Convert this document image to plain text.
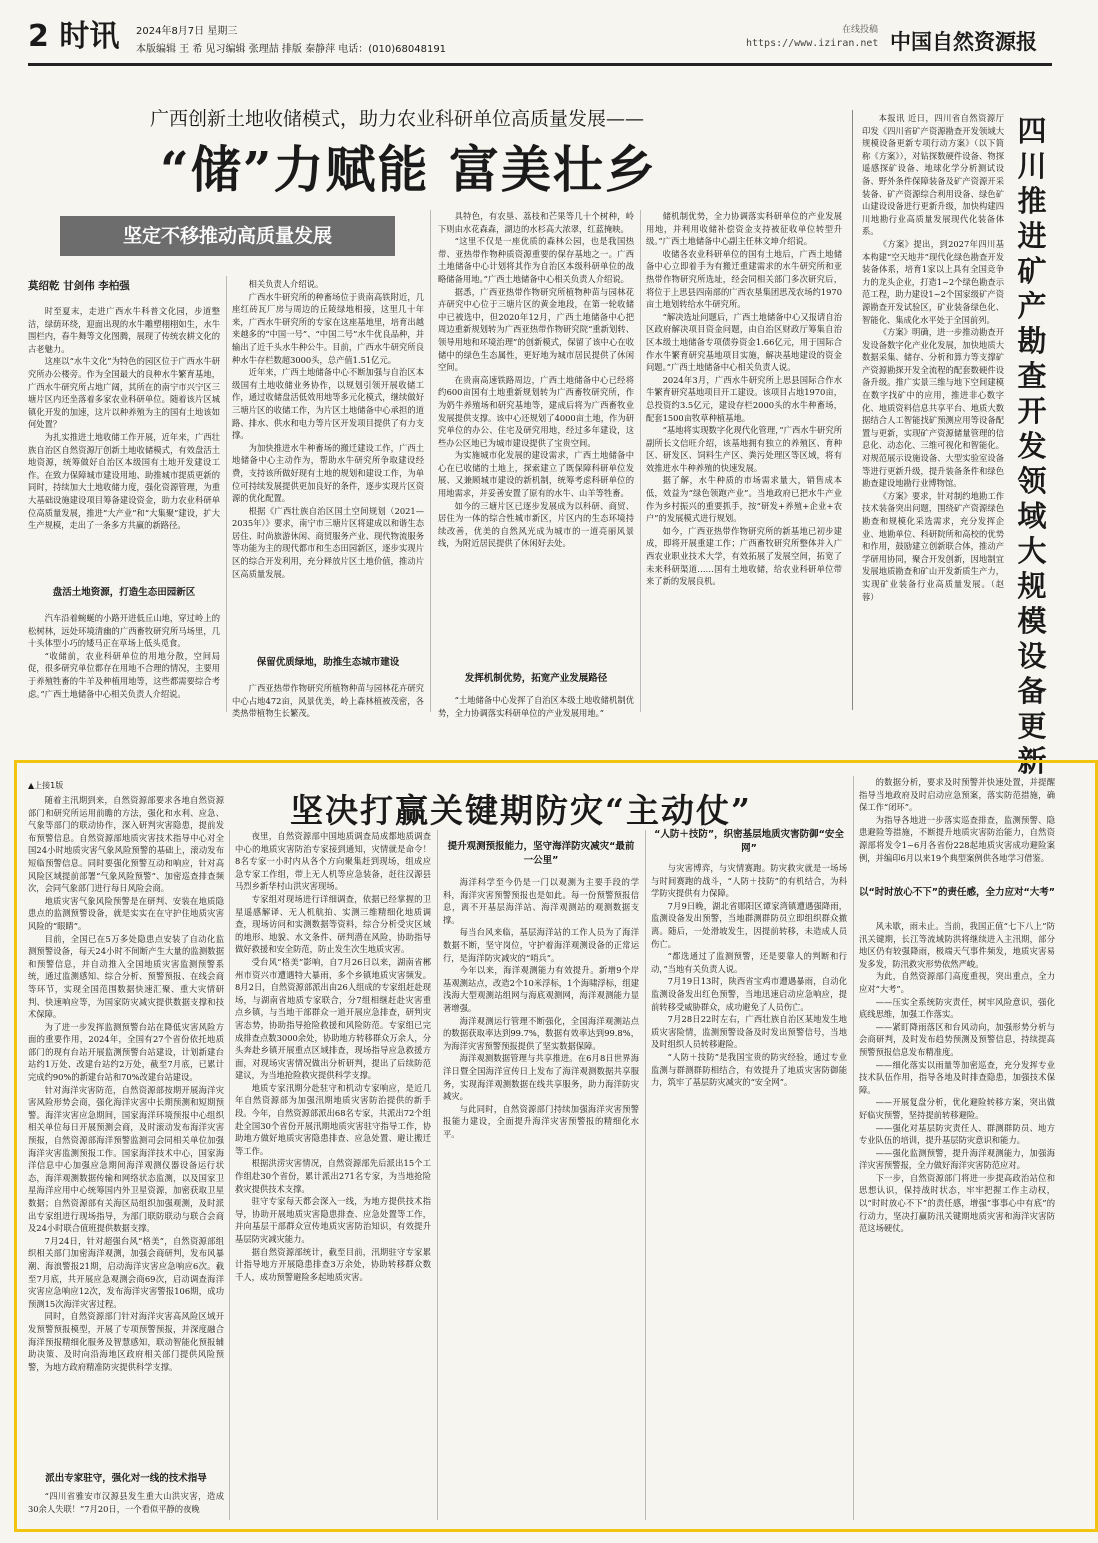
2 时讯 2024年8月7日 星期三
本版编辑 王 希 见习编辑 张理喆 排版 秦静萍 电话：(010)68048191
在线投稿
https://www.iziran.net 中国自然资源报
广西创新土地收储模式，助力农业科研单位高质量发展——
“储”力赋能 富美壮乡
坚定不移推动高质量发展
莫绍乾 甘剑伟 李柏强

时至夏末，走进广西水牛科普文化园，步道整洁，绿荫环绕，迎面出现的水牛雕塑栩栩如生，水牛围栏内，春牛舞等文化图腾，展现了传统农耕文化的古老魅力。

这座以“水牛文化”为特色的园区位于广西水牛研究所办公楼旁。作为全国最大的良种水牛繁育基地，广西水牛研究所占地广阔，其所在的南宁市兴宁区三塘片区内还坐落着多家农业科研单位。随着该片区城镇化开发的加速，这片以种养殖为主的国有土地该如何处置？

为扎实推进土地收储工作开展，近年来，广西壮族自治区自然资源厅创新土地收储模式，有效盘活土地资源，统筹做好自治区本级国有土地开发建设工作。在致力保障城市建设用地、助推城市提质更新的同时，持续加大土地收储力度，强化资源管理，为重大基础设施建设项目筹备建设资金，助力农业科研单位高质量发展，推进“大产业”和“大集聚”建设，扩大生产规模，走出了一条多方共赢的新路径。

盘活土地资源，打造生态田园新区

汽车沿着蜿蜒的小路开进低丘山地，穿过岭上的松树林，远处环境清幽的广西畜牧研究所马场里，几十头体型小巧的矮马正在草场上低头觅食。

“收储前，农业科研单位的用地分散，空间局促，很多研究单位都存在用地不合理的情况，主要用于养殖牲畜的牛羊及种植用地等，这些都需要综合考虑。”广西土地储备中心相关负责人介绍说。

相关负责人介绍说。

广西水牛研究所的种畜场位于贵南高铁附近，几座红砖瓦厂房与周边的丘陵绿地相接，这里几十年来，广西水牛研究所的专家在这座基地里，培育出越来越多的“中国一号”、“中国二号”水牛优良品种，并输出了近千头水牛种公牛。目前，广西水牛研究所良种水牛存栏数超3000头，总产值1.51亿元。

近年来，广西土地储备中心不断加强与自治区本级国有土地收储业务协作，以规划引领开展收储工作，通过收储盘活低效用地等多元化模式，继续做好三塘片区的收储工作，为片区土地储备中心承担的道路、排水、供水和电力等片区开发项目提供了有力支撑。

为加快推进水牛种畜场的搬迁建设工作，广西土地储备中心主动作为，帮助水牛研究所争取建设经费，支持该所做好现有土地的规划和建设工作，为单位可持续发展提供更加良好的条件，逐步实现片区资源的优化配置。

根据《广西壮族自治区国土空间规划（2021—2035年）》要求，南宁市三塘片区将建成以和谐生态居住、时尚旅游休闲、商贸服务产业、现代物流服务等功能为主的现代都市和生态田园新区，逐步实现片区的综合开发利用，充分释放片区土地价值，推动片区高质量发展。

保留优质绿地，助推生态城市建设

广西亚热带作物研究所植物种苗与园林花卉研究中心占地472亩，风景优美，岭上森林植被茂密，各类热带植物生长繁茂。

具特色，有农垦、荔枝和芒果等几十个树种，岭下则由水花森森，湖边的水杉高大浓翠，红蓝掩映。

“这里不仅是一座优质的森林公园，也是我国热带、亚热带作物种质资源重要的保存基地之一。广西土地储备中心计划将其作为自治区本级科研单位的战略储备用地。”广西土地储备中心相关负责人介绍说。

据悉，广西亚热带作物研究所植物种苗与园林花卉研究中心位于三塘片区的黄金地段，在第一轮收储中已被选中，但2020年12月，广西土地储备中心把周边重新规划转为广西亚热带作物研究院“重新划转、领导用地和环境治理”的创新模式，保留了该中心在收储中的绿色生态属性，更好地为城市居民提供了休闲空间。

在贵南高速铁路周边，广西土地储备中心已经将约600亩国有土地重新规划转为广西畜牧研究所，作为奶牛养殖场和研究基地等，建成后将为广西畜牧业发展提供支撑。该中心还规划了4000亩土地，作为研究单位的办公、住宅及研究用地，经过多年建设，这些办公区地已为城市建设提供了宝贵空间。

为实施城市化发展的建设需求，广西土地储备中心在已收储的土地上，探索建立了既保障科研单位发展、又兼顾城市建设的新机制，统筹考虑科研单位的用地需求，并妥善安置了原有的水牛、山羊等牲畜。

如今的三塘片区已逐步发展成为以科研、商贸、居住为一体的综合性城市新区，片区内的生态环境持续改善，优美的自然风光成为城市的一道亮丽风景线，为附近居民提供了休闲好去处。

发挥机制优势，拓宽产业发展路径

“土地储备中心发挥了自治区本级土地收储机制优势，全力协调落实科研单位的产业发展用地。”

储机制优势，全力协调落实科研单位的产业发展用地，并利用收储补偿资金支持被征收单位转型升级。”广西土地储备中心副主任林文坤介绍说。

收储各农业科研单位的国有土地后，广西土地储备中心立即着手为有搬迁重建需求的水牛研究所和亚热带作物研究所选址，经会同相关部门多次研究后，将位于上思县四南部的广西农垦集团思茂农场约1970亩土地划转给水牛研究所。

“解决选址问题后，广西土地储备中心又报请自治区政府解决项目资金问题，由自治区财政厅筹集自治区本级土地储备专项债券资金1.66亿元，用于国际合作水牛繁育研究基地项目实施，解决基地建设的资金问题。”广西土地储备中心相关负责人说。

2024年3月，广西水牛研究所上思县国际合作水牛繁育研究基地项目开工建设。该项目占地1970亩，总投资约3.5亿元，建设存栏2000头的水牛种畜场，配套1500亩牧草种植基地。

“基地将实现数字化现代化管理，”广西水牛研究所副所长文信旺介绍，该基地拥有独立的养殖区、育种区、研发区、饲料生产区、粪污处理区等区域，将有效推进水牛种养殖的快速发展。

据了解，水牛种质的市场需求量大，销售成本低，效益为“绿色领跑产业”。当地政府已把水牛产业作为乡村振兴的重要抓手，按“研发+养殖+企业+农户”的发展模式进行规划。

如今，广西亚热带作物研究所的新基地已初步建成，即将开展重建工作；广西畜牧研究所整体并入广西农业职业技术大学，有效拓展了发展空间，拓宽了未来科研渠道……国有土地收储，给农业科研单位带来了新的发展良机。

本报讯 近日，四川省自然资源厅印发《四川省矿产资源勘查开发领域大规模设备更新专项行动方案》（以下简称《方案》），对钻探数硬件设备、物探遥感探矿设备、地球化学分析测试设备、野外条件保障装备及矿产资源开采装备、矿产资源综合利用设备、绿色矿山建设设备进行更新升级，加快构建四川地勘行业高质量发展现代化装备体系。

《方案》提出，到2027年四川基本构建“空天地井”现代化绿色勘查开发装备体系，培育1家以上具有全国竞争力的龙头企业，打造1~2个绿色勘查示范工程，助力建设1~2个国家级矿产资源勘查开发试验区，矿业装备绿色化、智能化、集成化水平处于全国前列。

《方案》明确，进一步推动勘查开发设备数字化产业化发展，加快地质大数据采集、储存、分析和算力等支撑矿产资源勘探开发全流程的配套数硬件设备升级。推广实景三维与地下空间建模在数字找矿中的应用，推进非心数字化、地质资料信息共享平台、地质大数据结合人工智能找矿预测应用等设备配置与更新，实现矿产资源储量管理的信息化、动态化、三维可视化和智能化。对规范展示设施设备、大型实验室设备等进行更新升级，提升装备条件和绿色勘查建设地勘行业博物馆。

《方案》要求，针对制约地勘工作技术装备突出问题，围绕矿产资源绿色勘查和规模化采选需求，充分发挥企业、地勘单位、科研院所和高校的优势和作用，鼓励建立创新联合体，推动产学研用协同，聚合开发创新，因地制宜发展地质勘查和矿山开发新质生产力，实现矿业装备行业高质量发展。（赵 蓉）

四川推进矿产勘查开发领域大规模设备更新
▲上接1版
坚决打赢关键期防灾“主动仗”

随着主汛期到来，自然资源部要求各地自然资源部门和研究所运用前瞻的方法，强化和水利、应急、气象等部门的联动协作，深入研判灾害隐患，提前发布预警信息。自然资源部地质灾害技术指导中心对全国24小时地质灾害气象风险预警的基础上，滚动发布短临预警信息。同时要强化预警互动和响应，针对高风险区域提前部署“气象风险预警”、加密巡查排查频次，会同气象部门进行每日风险会商。

地质灾害气象风险预警是在研判、安装在地质隐患点的监测预警设备，就是实实在在守护住地质灾害风险的“眼睛”。

目前，全国已在5万多处隐患点安装了自动化监测预警设备，每天24小时不间断产生大量的监测数据和预警信息，并自动推入全国地质灾害监测预警系统，通过监测感知、综合分析、预警预报、在线会商等环节，实现全国范围数据快速汇聚、重大灾情研判、快速响应等，为国家防灾减灾提供数据支撑和技术保障。

为了进一步发挥监测预警台站在降低灾害风险方面的重要作用，2024年，全国有27个省份依托地质部门的现有台站开展监测预警台站建设，计划新建台站约1万处、改建台站约2万处，截至7月底，已累计完成约90%的新建台站和70%改建台站建设。

针对海洋灾害防范，自然资源部按期开展海洋灾害风险形势会商，强化海洋灾害中长期预测和短期预警。海洋灾害应急期间，国家海洋环境预报中心组织相关单位每日开展预测会商，及时滚动发布海洋灾害预报，自然资源部海洋预警监测司会同相关单位加强海洋灾害监测预报工作。国家海洋技术中心，国家海洋信息中心加强应急期间海洋观测仪器设备运行状态，海洋观测数据传输和网络状态监测，以及国家卫星海洋应用中心统筹国内外卫星资源，加密获取卫星数据；自然资源部有关海区局组织加强观测，及时派出专家组进行现场指导，为部门联防联动与联合会商及24小时联合值班提供数据支撑。

7月24日，针对超强台风“格美”，自然资源部组织相关部门加密海洋观测，加强会商研判，发布风暴潮、海浪警报21期，启动海洋灾害应急响应6次。截至7月底，共开展应急观测会商69次，启动调查海洋灾害应急响应12次，发布海洋灾害警报106期，成功预测15次海洋灾害过程。

同时，自然资源部门针对海洋灾害高风险区域开发预警预报模型，开展了专项预警预报，并深度融合海洋预报精细化服务及智慧感知，联动智能化预报辅助决策、及时向沿海地区政府相关部门提供风险预警，为地方政府精准防灾提供科学支撑。

派出专家驻守，强化对一线的技术指导

“四川省雅安市汉源县发生重大山洪灾害，造成30余人失联！”7月20日，一个看似平静的夜晚

夜里，自然资源部中国地质调查局成都地质调查中心的地质灾害防治专家接到通知，灾情就是命令！8名专家一小时内从各个方向聚集赶到现场，组成应急专家工作组，带上无人机等应急装备，赶往汉源县马烈乡新华村山洪灾害现场。

专家组对现场进行详细调查，依据已经掌握的卫星遥感解译、无人机航拍、实测三维精细化地质调查，现场访问和实测数据等资料，综合分析受灾区域的地形、地貌、水文条件、研判潜在风险，协助指导做好救援和安全防范，防止发生次生地质灾害。

受台风“格美”影响，自7月26日以来，湖南省郴州市资兴市遭遇特大暴雨，多个乡镇地质灾害频发。8月2日，自然资源部派出由26人组成的专家组赶赴现场，与湖南省地质专家联合，分7组相继赶赴灾害重点乡镇，与当地干部群众一道开展应急排查，研判灾害态势，协助指导抢险救援和风险防范。专家组已完成排查点数3000余处，协助地方转移群众万余人，分头奔赴乡镇开展重点区域排查，现场指导应急救援方面，对现场灾害情况做出分析研判，提出了后续防范建议，为当地抢险救灾提供科学支撑。

地质专家汛期分赴驻守和机动专家响应，是近几年自然资源部为加强汛期地质灾害防治提供的新手段。今年，自然资源部派出68名专家，共派出72个组赴全国30个省份开展汛期地质灾害驻守指导工作，协助地方做好地质灾害隐患排查、应急处置、避让搬迁等工作。

根据洪涝灾害情况，自然资源部先后派出15个工作组赴30个省份，累计派出271名专家，为当地抢险救灾提供技术支撑。

驻守专家每天都会深入一线，为地方提供技术指导，协助开展地质灾害隐患排查、应急处置等工作，并向基层干部群众宣传地质灾害防治知识，有效提升基层防灾减灾能力。

据自然资源部统计，截至目前，汛期驻守专家累计指导地方开展隐患排查3万余处，协助转移群众数千人，成功预警避险多起地质灾害。

提升观测预报能力，坚守海洋防灾减灾“最前一公里”

海洋科学至今仍是一门以观测为主要手段的学科，海洋灾害预警预报也是如此。每一份预警预报信息，离不开基层海洋站、海洋观测站的观测数据支撑。

每当台风来临，基层海洋站的工作人员为了海洋数据不断，坚守岗位，守护着海洋观测设备的正常运行，是海洋防灾减灾的“哨兵”。

今年以来，海洋观测能力有效提升。新增9个岸基观测站点，改造2个10米浮标，1个海啸浮标，组建浅海大型观测站组网与海底观测网，海洋观测能力显著增强。

海洋观测运行管理不断强化，全国海洋观测站点的数据获取率达到99.7%，数据有效率达到99.8%，为海洋灾害预警预报提供了坚实数据保障。

海洋观测数据管理与共享推进。在6月8日世界海洋日暨全国海洋宣传日上发布了海洋观测数据共享服务，实现海洋观测数据在线共享服务，助力海洋防灾减灾。

与此同时，自然资源部门持续加强海洋灾害预警报能力建设，全面提升海洋灾害预警报的精细化水平。

“人防＋技防”，织密基层地质灾害防御“安全网”

与灾害博弈，与灾情赛跑。防灾救灾就是一场场与时间赛跑的战斗，“人防＋技防”的有机结合，为科学防灾提供有力保障。

7月9日晚，湖北省郧阳区谭家湾镇遭遇强降雨，监测设备发出预警，当地群测群防员立即组织群众撤离。随后，一处滑坡发生，因提前转移，未造成人员伤亡。

“都选通过了监测预警，还是要靠人的判断和行动，”当地有关负责人说。

7月19日13时，陕西省宝鸡市遭遇暴雨，自动化监测设备发出红色预警，当地迅速启动应急响应，提前转移受威胁群众，成功避免了人员伤亡。

7月28日22时左右，广西壮族自治区某地发生地质灾害险情，监测预警设备及时发出预警信号，当地及时组织人员转移避险。

“人防＋技防”是我国宝贵的防灾经验，通过专业监测与群测群防相结合，有效提升了地质灾害防御能力，筑牢了基层防灾减灾的“安全网”。

的数据分析，要求及时预警并快速处置，并提醒指导当地政府及时启动应急预案，落实防范措施，确保工作“闭环”。

为指导各地进一步落实巡查排查，监测预警、隐患避险等措施，不断提升地质灾害防治能力，自然资源部将发令1~6月各省份228起地质灾害成功避险案例，并编印6月以来19个典型案例供各地学习借鉴。

以“时时放心不下”的责任感，全力应对“大考”

风未歇，雨未止。当前，我国正值“七下八上”防汛关键期，长江等流域防洪将继续进入主汛期，部分地区仍有较强降雨，极端天气事件频发，地质灾害易发多发，防汛救灾形势依然严峻。

为此，自然资源部门高度重视，突出重点，全力应对“大考”。

——压实全系统防灾责任，树牢风险意识，强化底线思维，加强工作落实。

——紧盯降雨落区和台风动向，加强形势分析与会商研判，及时发布趋势预测及预警信息，持续提高预警预报信息发布精准度。

——细化落实以雨量等加密巡查，充分发挥专业技术队伍作用，指导各地及时排查隐患，加强技术保障。

——开展复盘分析，优化避险转移方案，突出做好临灾预警，坚持提前转移避险。

——强化对基层防灾责任人、群测群防员、地方专业队伍的培训，提升基层防灾意识和能力。

——强化监测预警，提升海洋观测能力，加强海洋灾害预警报，全力做好海洋灾害防范应对。

下一步，自然资源部门将进一步提高政治站位和思想认识，保持战时状态，牢牢把握工作主动权，以“时时放心不下”的责任感，增强“事事心中有底”的行动力，坚决打赢防汛关键期地质灾害和海洋灾害防范这场硬仗。
